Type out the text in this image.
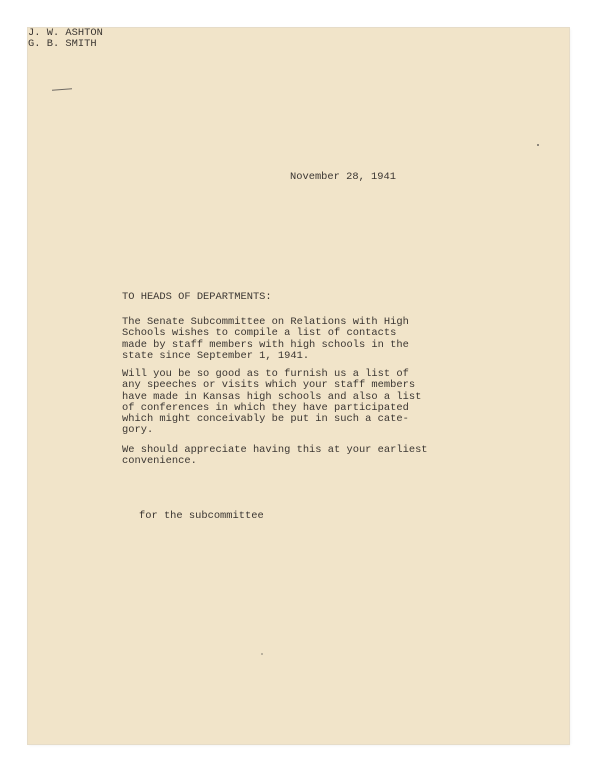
November 28, 1941
TO HEADS OF DEPARTMENTS:
The Senate Subcommittee on Relations with High
Schools wishes to compile a list of contacts
made by staff members with high schools in the
state since September 1, 1941.
Will you be so good as to furnish us a list of
any speeches or visits which your staff members
have made in Kansas high schools and also a list
of conferences in which they have participated
which might conceivably be put in such a cate-
gory.
We should appreciate having this at your earliest
convenience.
J. W. ASHTON
G. B. SMITH
for the subcommittee
